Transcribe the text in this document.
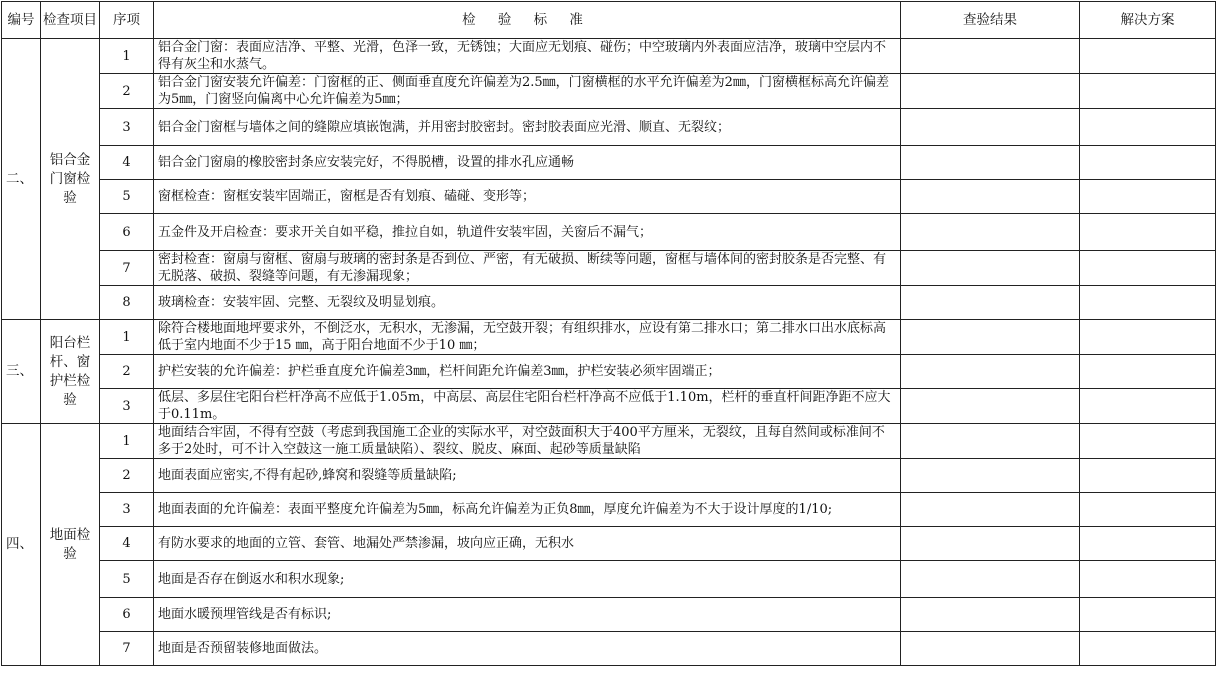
编号	检查项目	序项	检 验 标 准	查验结果	解决方案
二、	铝合金门窗检验	1	铝合金门窗：表面应洁净、平整、光滑，色泽一致，无锈蚀；大面应无划痕、碰伤；中空玻璃内外表面应洁净，玻璃中空层内不得有灰尘和水蒸气。		
		2	铝合金门窗安装允许偏差：门窗框的正、侧面垂直度允许偏差为2.5㎜，门窗横框的水平允许偏差为2㎜，门窗横框标高允许偏差为5㎜，门窗竖向偏离中心允许偏差为5㎜；		
		3	铝合金门窗框与墙体之间的缝隙应填嵌饱满，并用密封胶密封。密封胶表面应光滑、顺直、无裂纹；		
		4	铝合金门窗扇的橡胶密封条应安装完好，不得脱槽，设置的排水孔应通畅		
		5	窗框检查：窗框安装牢固端正，窗框是否有划痕、磕碰、变形等；		
		6	五金件及开启检查：要求开关自如平稳，推拉自如，轨道件安装牢固，关窗后不漏气；		
		7	密封检查：窗扇与窗框、窗扇与玻璃的密封条是否到位、严密，有无破损、断续等问题，窗框与墙体间的密封胶条是否完整、有无脱落、破损、裂缝等问题，有无渗漏现象；		
		8	玻璃检查：安装牢固、完整、无裂纹及明显划痕。		
三、	阳台栏杆、窗护栏检验	1	除符合楼地面地坪要求外，不倒泛水，无积水，无渗漏，无空鼓开裂；有组织排水，应设有第二排水口；第二排水口出水底标高低于室内地面不少于15 ㎜，高于阳台地面不少于10 ㎜；		
		2	护栏安装的允许偏差：护栏垂直度允许偏差3㎜，栏杆间距允许偏差3㎜，护栏安装必须牢固端正；		
		3	低层、多层住宅阳台栏杆净高不应低于1.05m，中高层、高层住宅阳台栏杆净高不应低于1.10m，栏杆的垂直杆间距净距不应大于0.11m。		
四、	地面检验	1	地面结合牢固，不得有空鼓（考虑到我国施工企业的实际水平，对空鼓面积大于400平方厘米，无裂纹，且每自然间或标准间不多于2处时，可不计入空鼓这一施工质量缺陷）、裂纹、脱皮、麻面、起砂等质量缺陷		
		2	地面表面应密实,不得有起砂,蜂窝和裂缝等质量缺陷;		
		3	地面表面的允许偏差：表面平整度允许偏差为5㎜，标高允许偏差为正负8㎜，厚度允许偏差为不大于设计厚度的1/10;		
		4	有防水要求的地面的立管、套管、地漏处严禁渗漏，坡向应正确，无积水		
		5	地面是否存在倒返水和积水现象;		
		6	地面水暖预埋管线是否有标识;		
		7	地面是否预留装修地面做法。		
